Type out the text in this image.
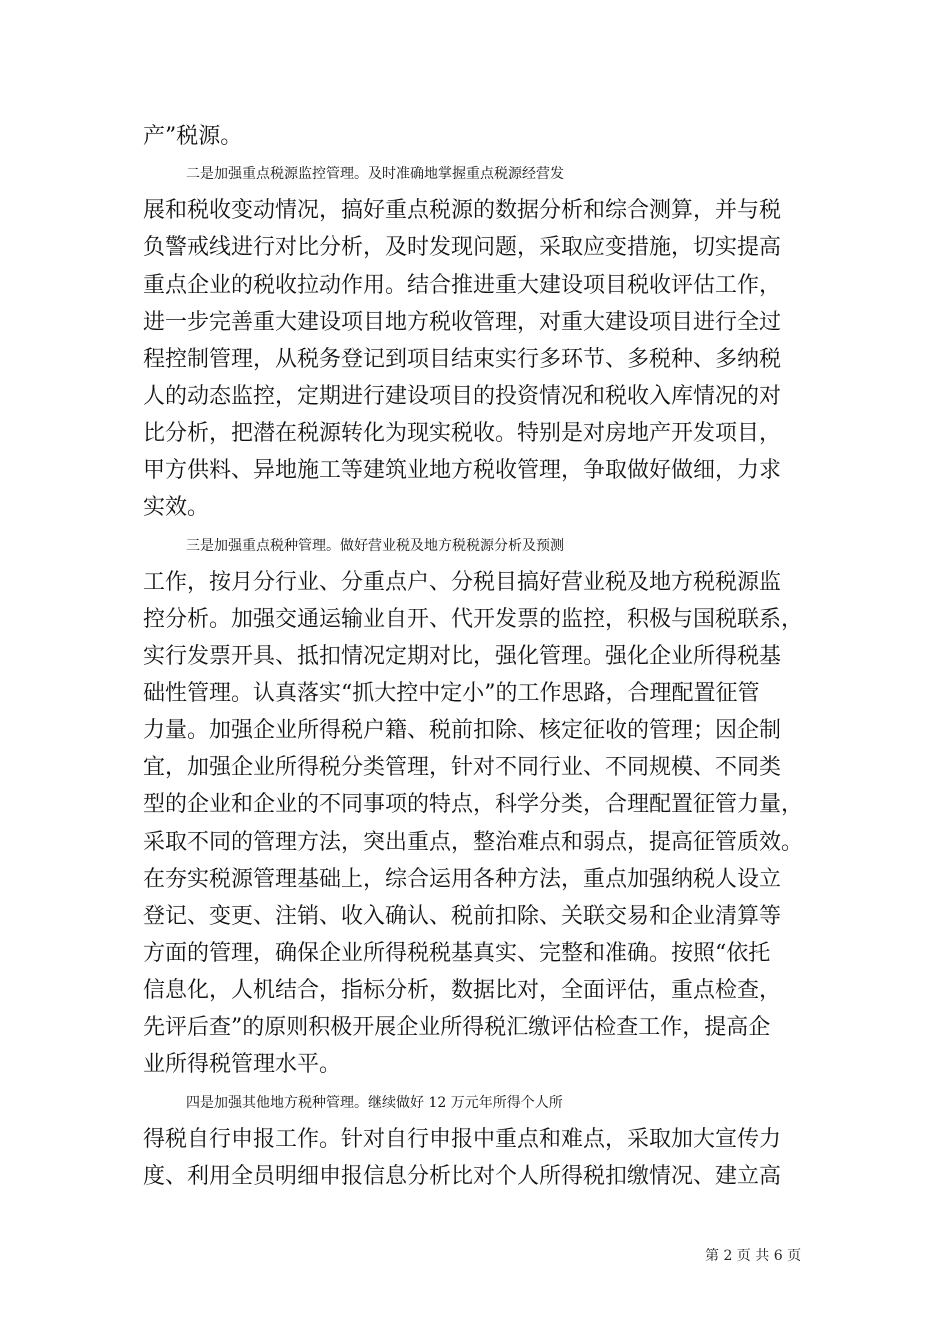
产”税源。
二是加强重点税源监控管理。及时准确地掌握重点税源经营发
展和税收变动情况，搞好重点税源的数据分析和综合测算，并与税
负警戒线进行对比分析，及时发现问题，采取应变措施，切实提高
重点企业的税收拉动作用。结合推进重大建设项目税收评估工作，
进一步完善重大建设项目地方税收管理，对重大建设项目进行全过
程控制管理，从税务登记到项目结束实行多环节、多税种、多纳税
人的动态监控，定期进行建设项目的投资情况和税收入库情况的对
比分析，把潜在税源转化为现实税收。特别是对房地产开发项目，
甲方供料、异地施工等建筑业地方税收管理，争取做好做细，力求
实效。
三是加强重点税种管理。做好营业税及地方税税源分析及预测
工作，按月分行业、分重点户、分税目搞好营业税及地方税税源监
控分析。加强交通运输业自开、代开发票的监控，积极与国税联系，
实行发票开具、抵扣情况定期对比，强化管理。强化企业所得税基
础性管理。认真落实“抓大控中定小”的工作思路，合理配置征管
力量。加强企业所得税户籍、税前扣除、核定征收的管理；因企制
宜，加强企业所得税分类管理，针对不同行业、不同规模、不同类
型的企业和企业的不同事项的特点，科学分类，合理配置征管力量，
采取不同的管理方法，突出重点，整治难点和弱点，提高征管质效。
在夯实税源管理基础上，综合运用各种方法，重点加强纳税人设立
登记、变更、注销、收入确认、税前扣除、关联交易和企业清算等
方面的管理，确保企业所得税税基真实、完整和准确。按照“依托
信息化，人机结合，指标分析，数据比对，全面评估，重点检查，
先评后查”的原则积极开展企业所得税汇缴评估检查工作，提高企
业所得税管理水平。
四是加强其他地方税种管理。继续做好 12 万元年所得个人所
得税自行申报工作。针对自行申报中重点和难点，采取加大宣传力
度、利用全员明细申报信息分析比对个人所得税扣缴情况、建立高
第 2 页 共 6 页
